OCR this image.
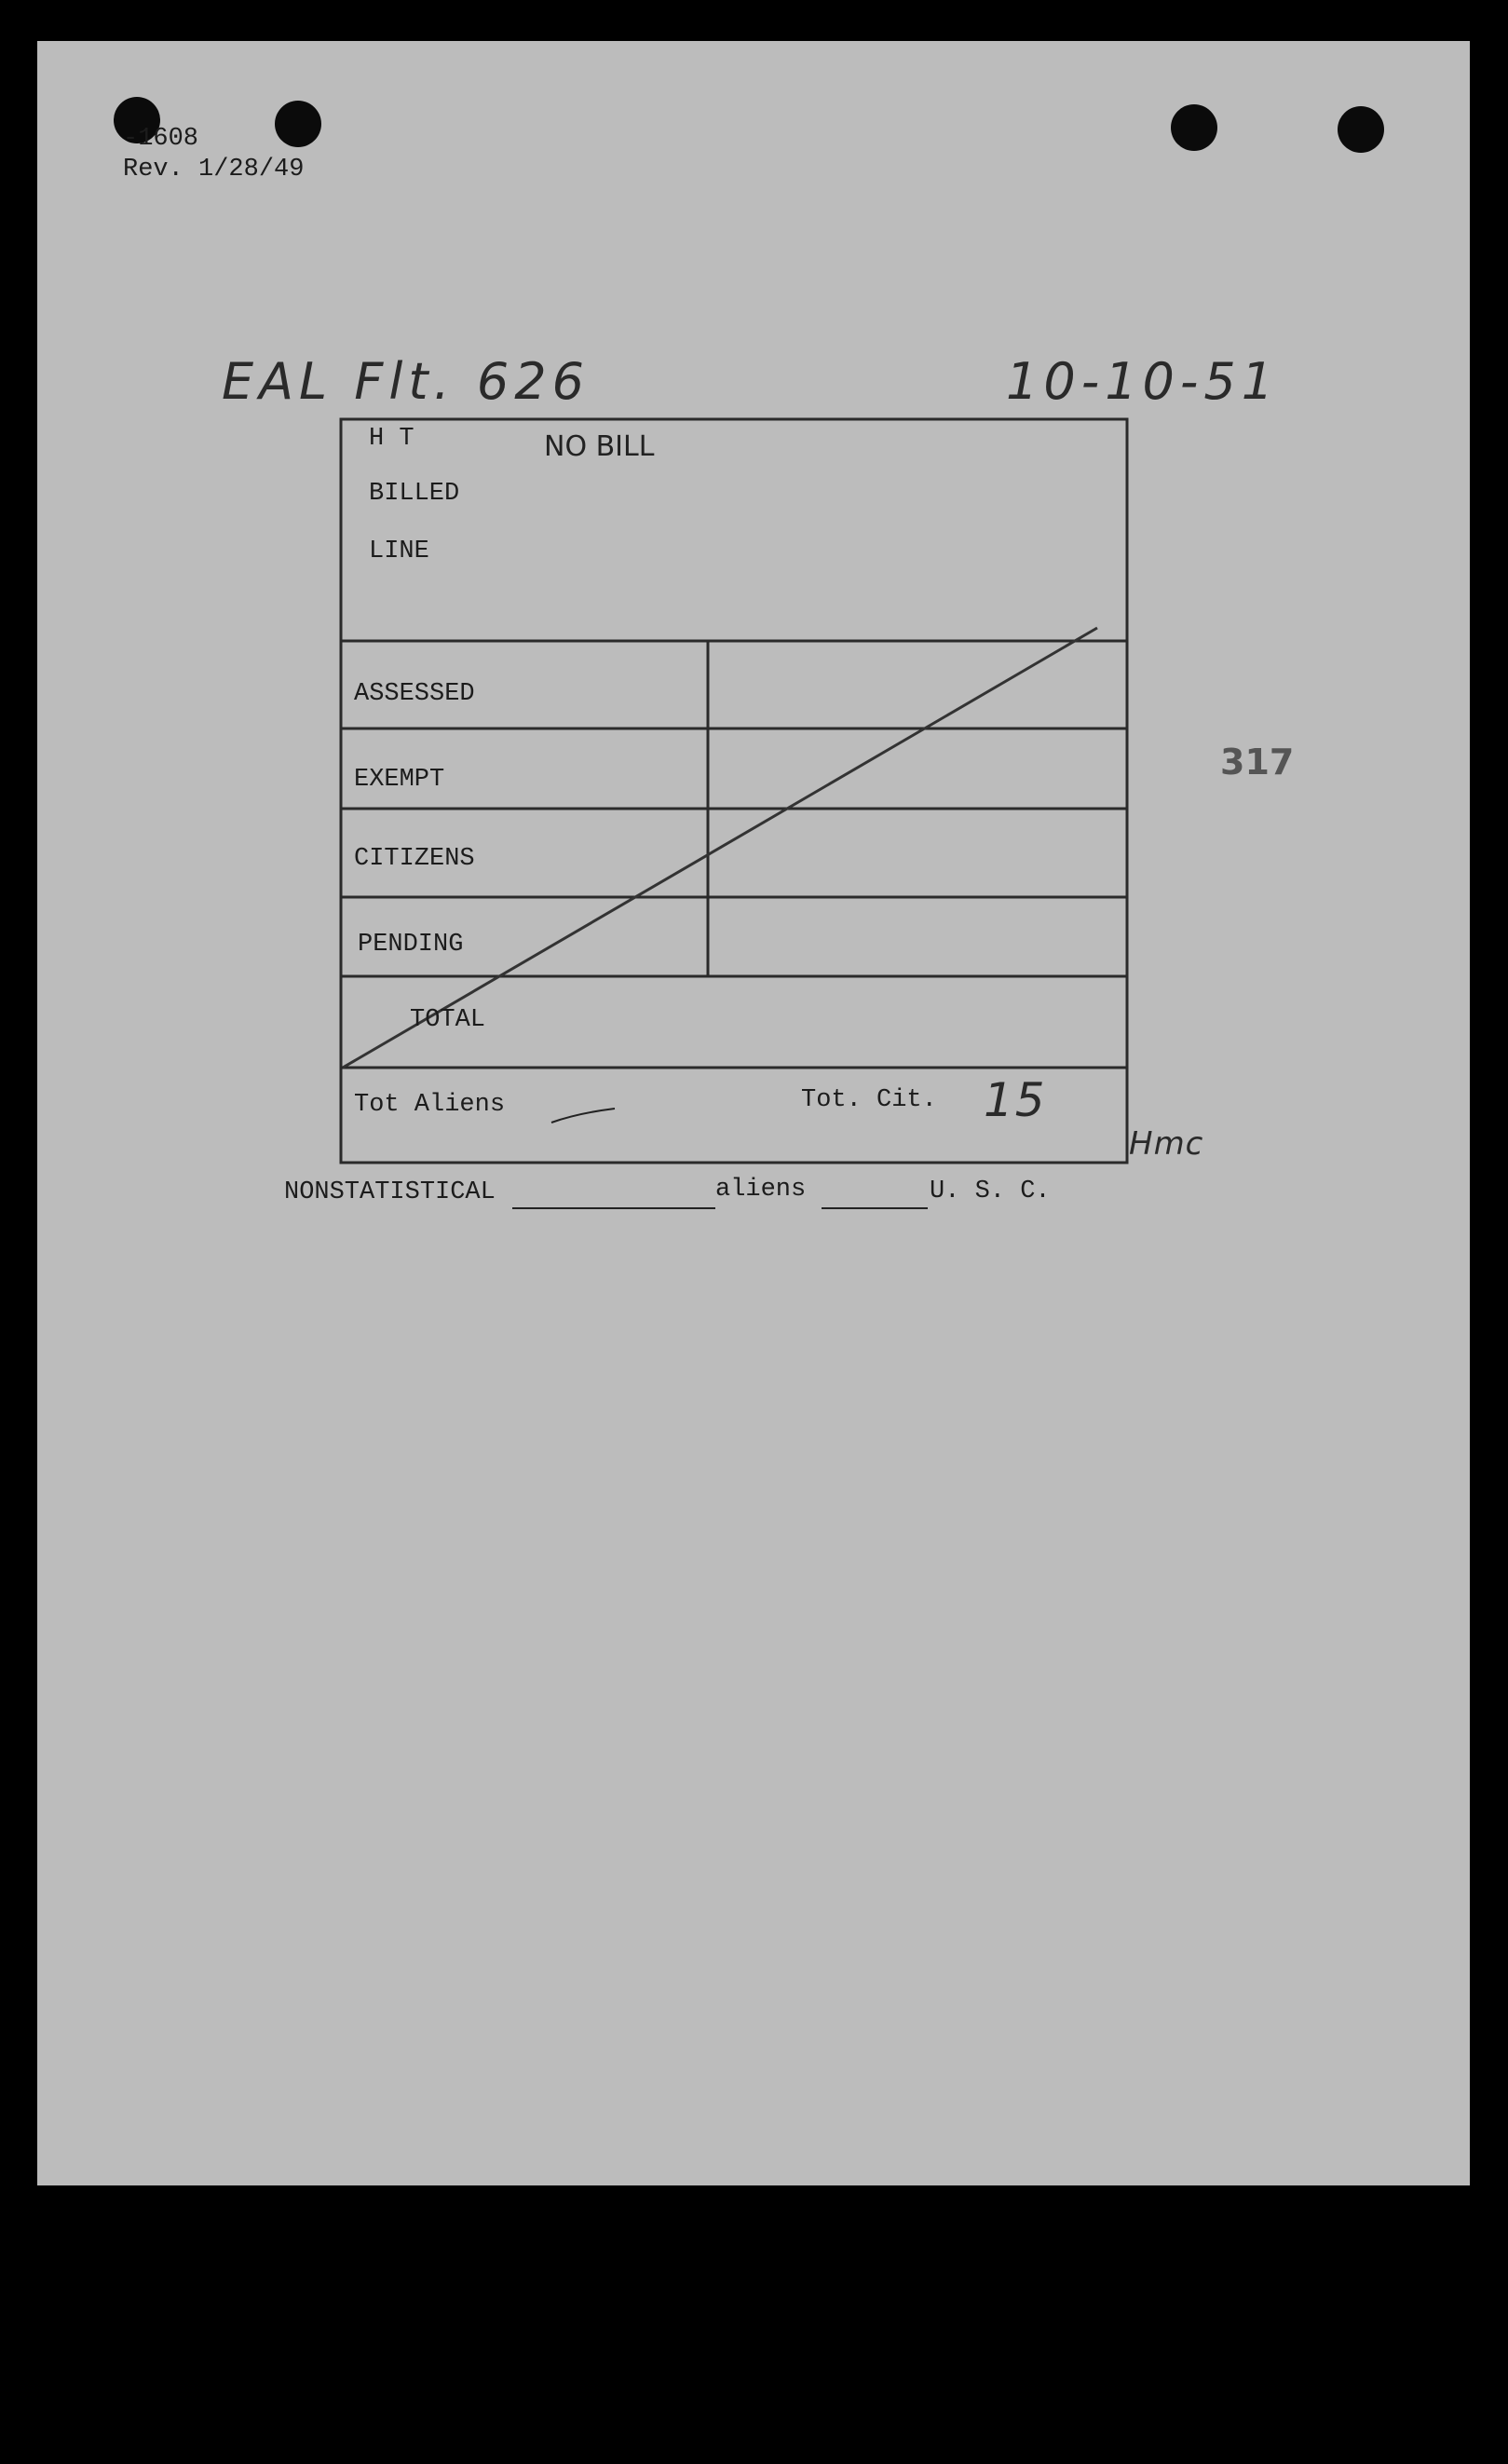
-1608
Rev. 1/28/49
EAL Flt. 626	10-10-51
H T
BILLED
LINE
NO BILL
ASSESSED
EXEMPT
CITIZENS
PENDING
TOTAL
Tot Aliens	Tot. Cit. 15
317
Hmc
NONSTATISTICAL	aliens	U. S. C.
